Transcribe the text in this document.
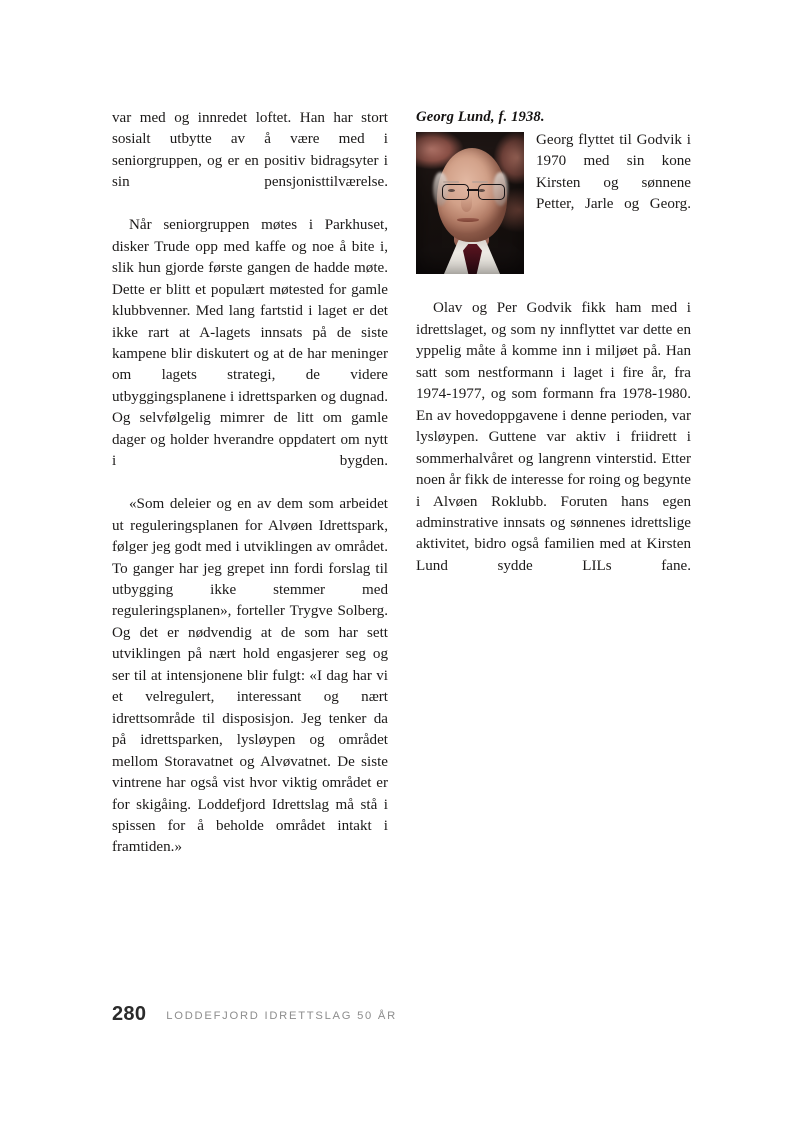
var med og innredet loftet. Han har stort sosialt utbytte av å være med i seniorgruppen, og er en positiv bidragsyter i sin pensjonisttilværelse.

Når seniorgruppen møtes i Parkhuset, disker Trude opp med kaffe og noe å bite i, slik hun gjorde første gangen de hadde møte. Dette er blitt et populært møtested for gamle klubbvenner. Med lang fartstid i laget er det ikke rart at A-lagets innsats på de siste kampene blir diskutert og at de har meninger om lagets strategi, de videre utbyggingsplanene i idrettsparken og dugnad. Og selvfølgelig mimrer de litt om gamle dager og holder hverandre oppdatert om nytt i bygden.

«Som deleier og en av dem som arbeidet ut reguleringsplanen for Alvøen Idrettspark, følger jeg godt med i utviklingen av området. To ganger har jeg grepet inn fordi forslag til utbygging ikke stemmer med reguleringsplanen», forteller Trygve Solberg. Og det er nødvendig at de som har sett utviklingen på nært hold engasjerer seg og ser til at intensjonene blir fulgt: «I dag har vi et velregulert, interessant og nært idrettsområde til disposisjon. Jeg tenker da på idrettsparken, lysløypen og området mellom Storavatnet og Alvøvatnet. De siste vintrene har også vist hvor viktig området er for skigåing. Loddefjord Idrettslag må stå i spissen for å beholde området intakt i framtiden.»

Georg Lund, f. 1938.

Georg flyttet til Godvik i 1970 med sin kone Kirsten og sønnene Petter, Jarle og Georg.

Olav og Per Godvik fikk ham med i idrettslaget, og som ny innflyttet var dette en yppelig måte å komme inn i miljøet på. Han satt som nestformann i laget i fire år, fra 1974-1977, og som formann fra 1978-1980. En av hovedoppgavene i denne perioden, var lysløypen. Guttene var aktiv i friidrett i sommerhalvåret og langrenn vinterstid. Etter noen år fikk de interesse for roing og begynte i Alvøen Roklubb. Foruten hans egen adminstrative innsats og sønnenes idrettslige aktivitet, bidro også familien med at Kirsten Lund sydde LILs fane.

280 LODDEFJORD IDRETTSLAG 50 ÅR
